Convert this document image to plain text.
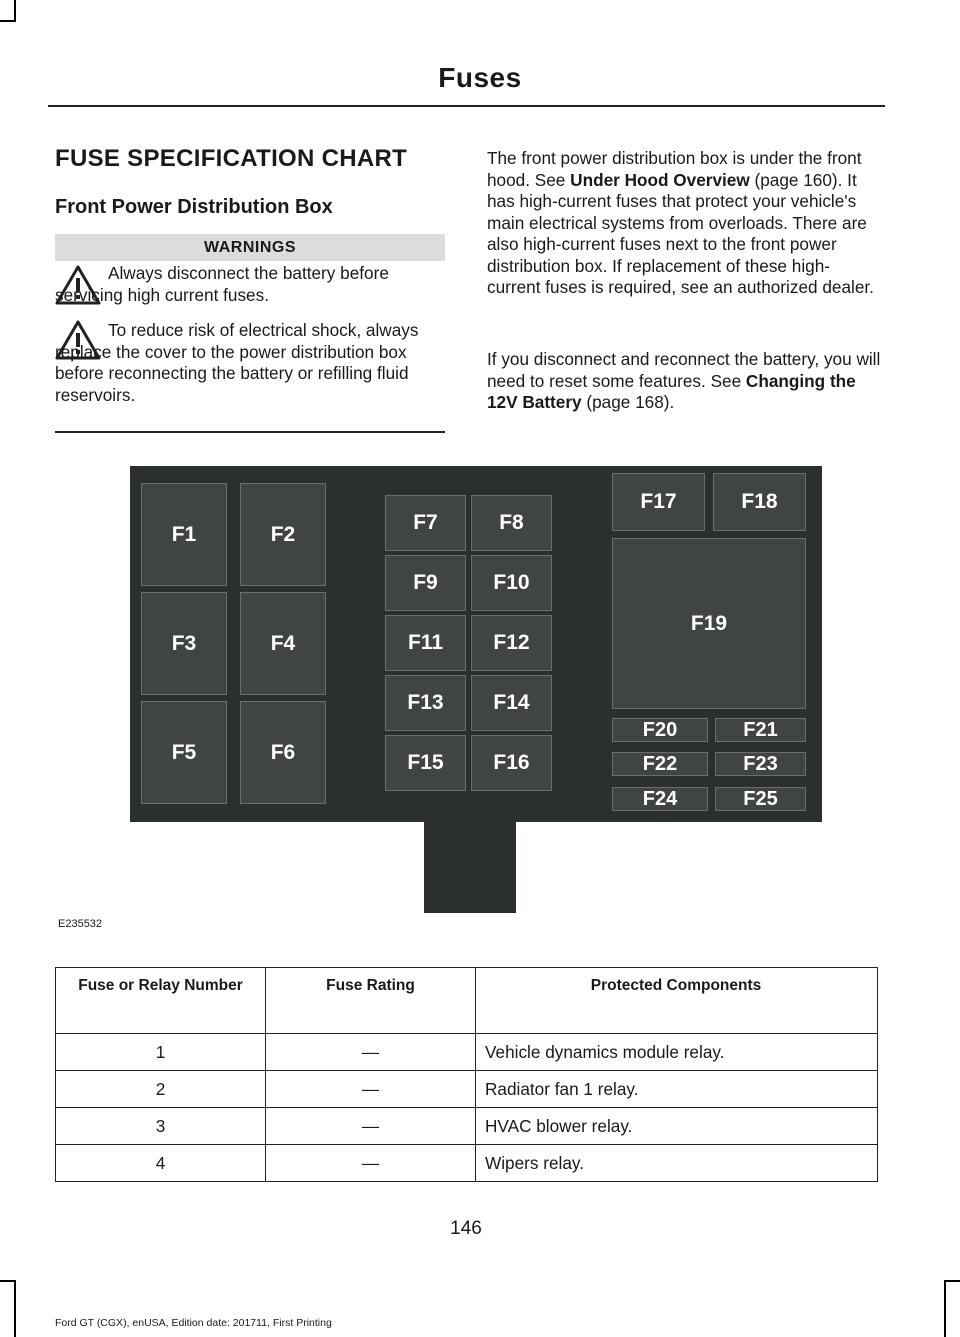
Fuses
FUSE SPECIFICATION CHART
Front Power Distribution Box
WARNINGS
Always disconnect the battery before servicing high current fuses.
To reduce risk of electrical shock, always replace the cover to the power distribution box before reconnecting the battery or refilling fluid reservoirs.

The front power distribution box is under the front hood. See Under Hood Overview (page 160). It has high-current fuses that protect your vehicle's main electrical systems from overloads. There are also high-current fuses next to the front power distribution box. If replacement of these high-current fuses is required, see an authorized dealer.

If you disconnect and reconnect the battery, you will need to reset some features. See Changing the 12V Battery (page 168).

F1	F2
F3	F4
F5	F6
F7	F8
F9	F10
F11	F12
F13	F14
F15	F16
F17	F18
F19
F20	F21
F22	F23
F24	F25
E235532
Fuse or Relay Number	Fuse Rating	Protected Components
1	—	Vehicle dynamics module relay.
2	—	Radiator fan 1 relay.
3	—	HVAC blower relay.
4	—	Wipers relay.
146
Ford GT (CGX), enUSA, Edition date: 201711, First Printing
